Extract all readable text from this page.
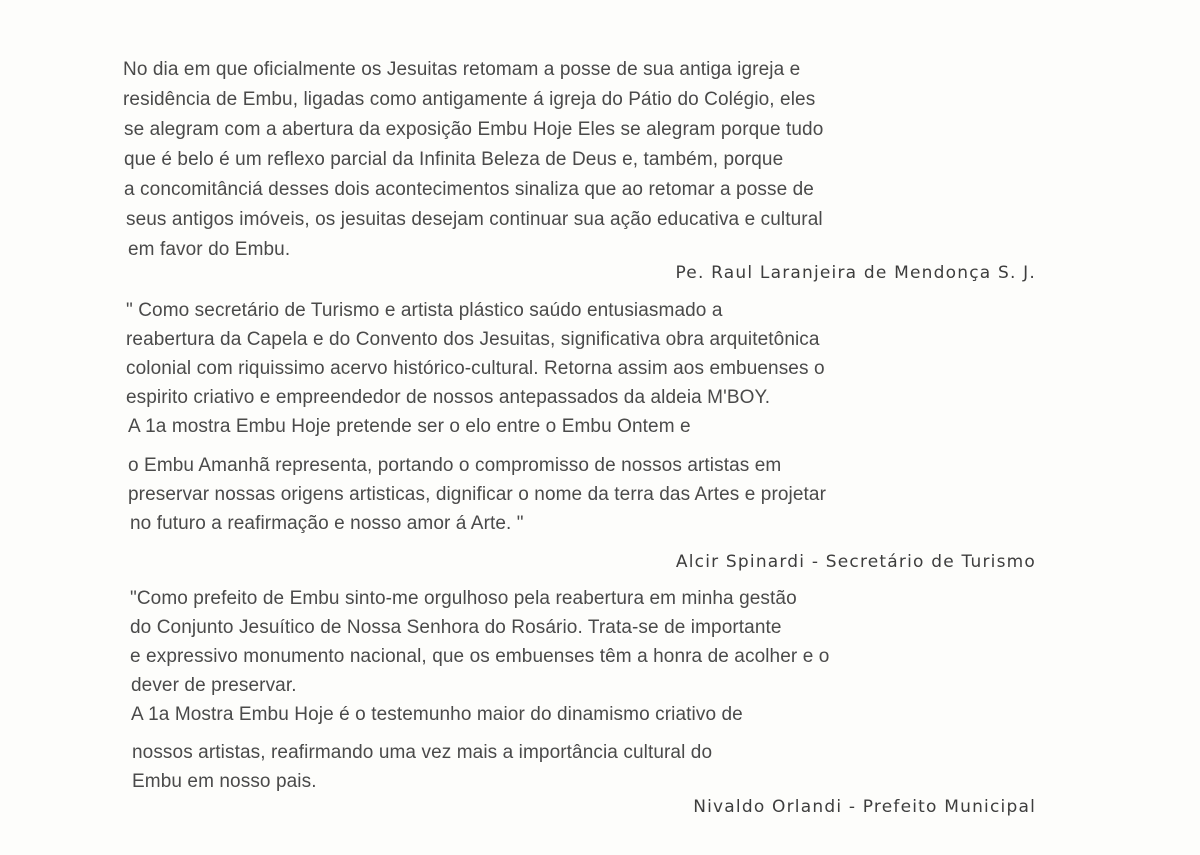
No dia em que oficialmente os Jesuitas retomam a posse de sua antiga igreja e
residência de Embu, ligadas como antigamente á igreja do Pátio do Colégio, eles
se alegram com a abertura da exposição Embu Hoje Eles se alegram porque tudo
que é belo é um reflexo parcial da Infinita Beleza de Deus e, também, porque
a concomitânciá desses dois acontecimentos sinaliza que ao retomar a posse de
seus antigos imóveis, os jesuitas desejam continuar sua ação educativa e cultural
em favor do Embu.
Pe. Raul Laranjeira de Mendonça S. J.
" Como secretário de Turismo e artista plástico saúdo entusiasmado a
reabertura da Capela e do Convento dos Jesuitas, significativa obra arquitetônica
colonial com riquissimo acervo histórico-cultural. Retorna assim aos embuenses o
espirito criativo e empreendedor de nossos antepassados da aldeia M'BOY.
A 1a mostra Embu Hoje pretende ser o elo entre o Embu Ontem e
o Embu Amanhã representa, portando o compromisso de nossos artistas em
preservar nossas origens artisticas, dignificar o nome da terra das Artes e projetar
no futuro a reafirmação e nosso amor á Arte. "
Alcir Spinardi - Secretário de Turismo
"Como prefeito de Embu sinto-me orgulhoso pela reabertura em minha gestão
do Conjunto Jesuítico de Nossa Senhora do Rosário. Trata-se de importante
e expressivo monumento nacional, que os embuenses têm a honra de acolher e o
dever de preservar.
A 1a Mostra Embu Hoje é o testemunho maior do dinamismo criativo de
nossos artistas, reafirmando uma vez mais a importância cultural do
Embu em nosso pais.
Nivaldo Orlandi - Prefeito Municipal
